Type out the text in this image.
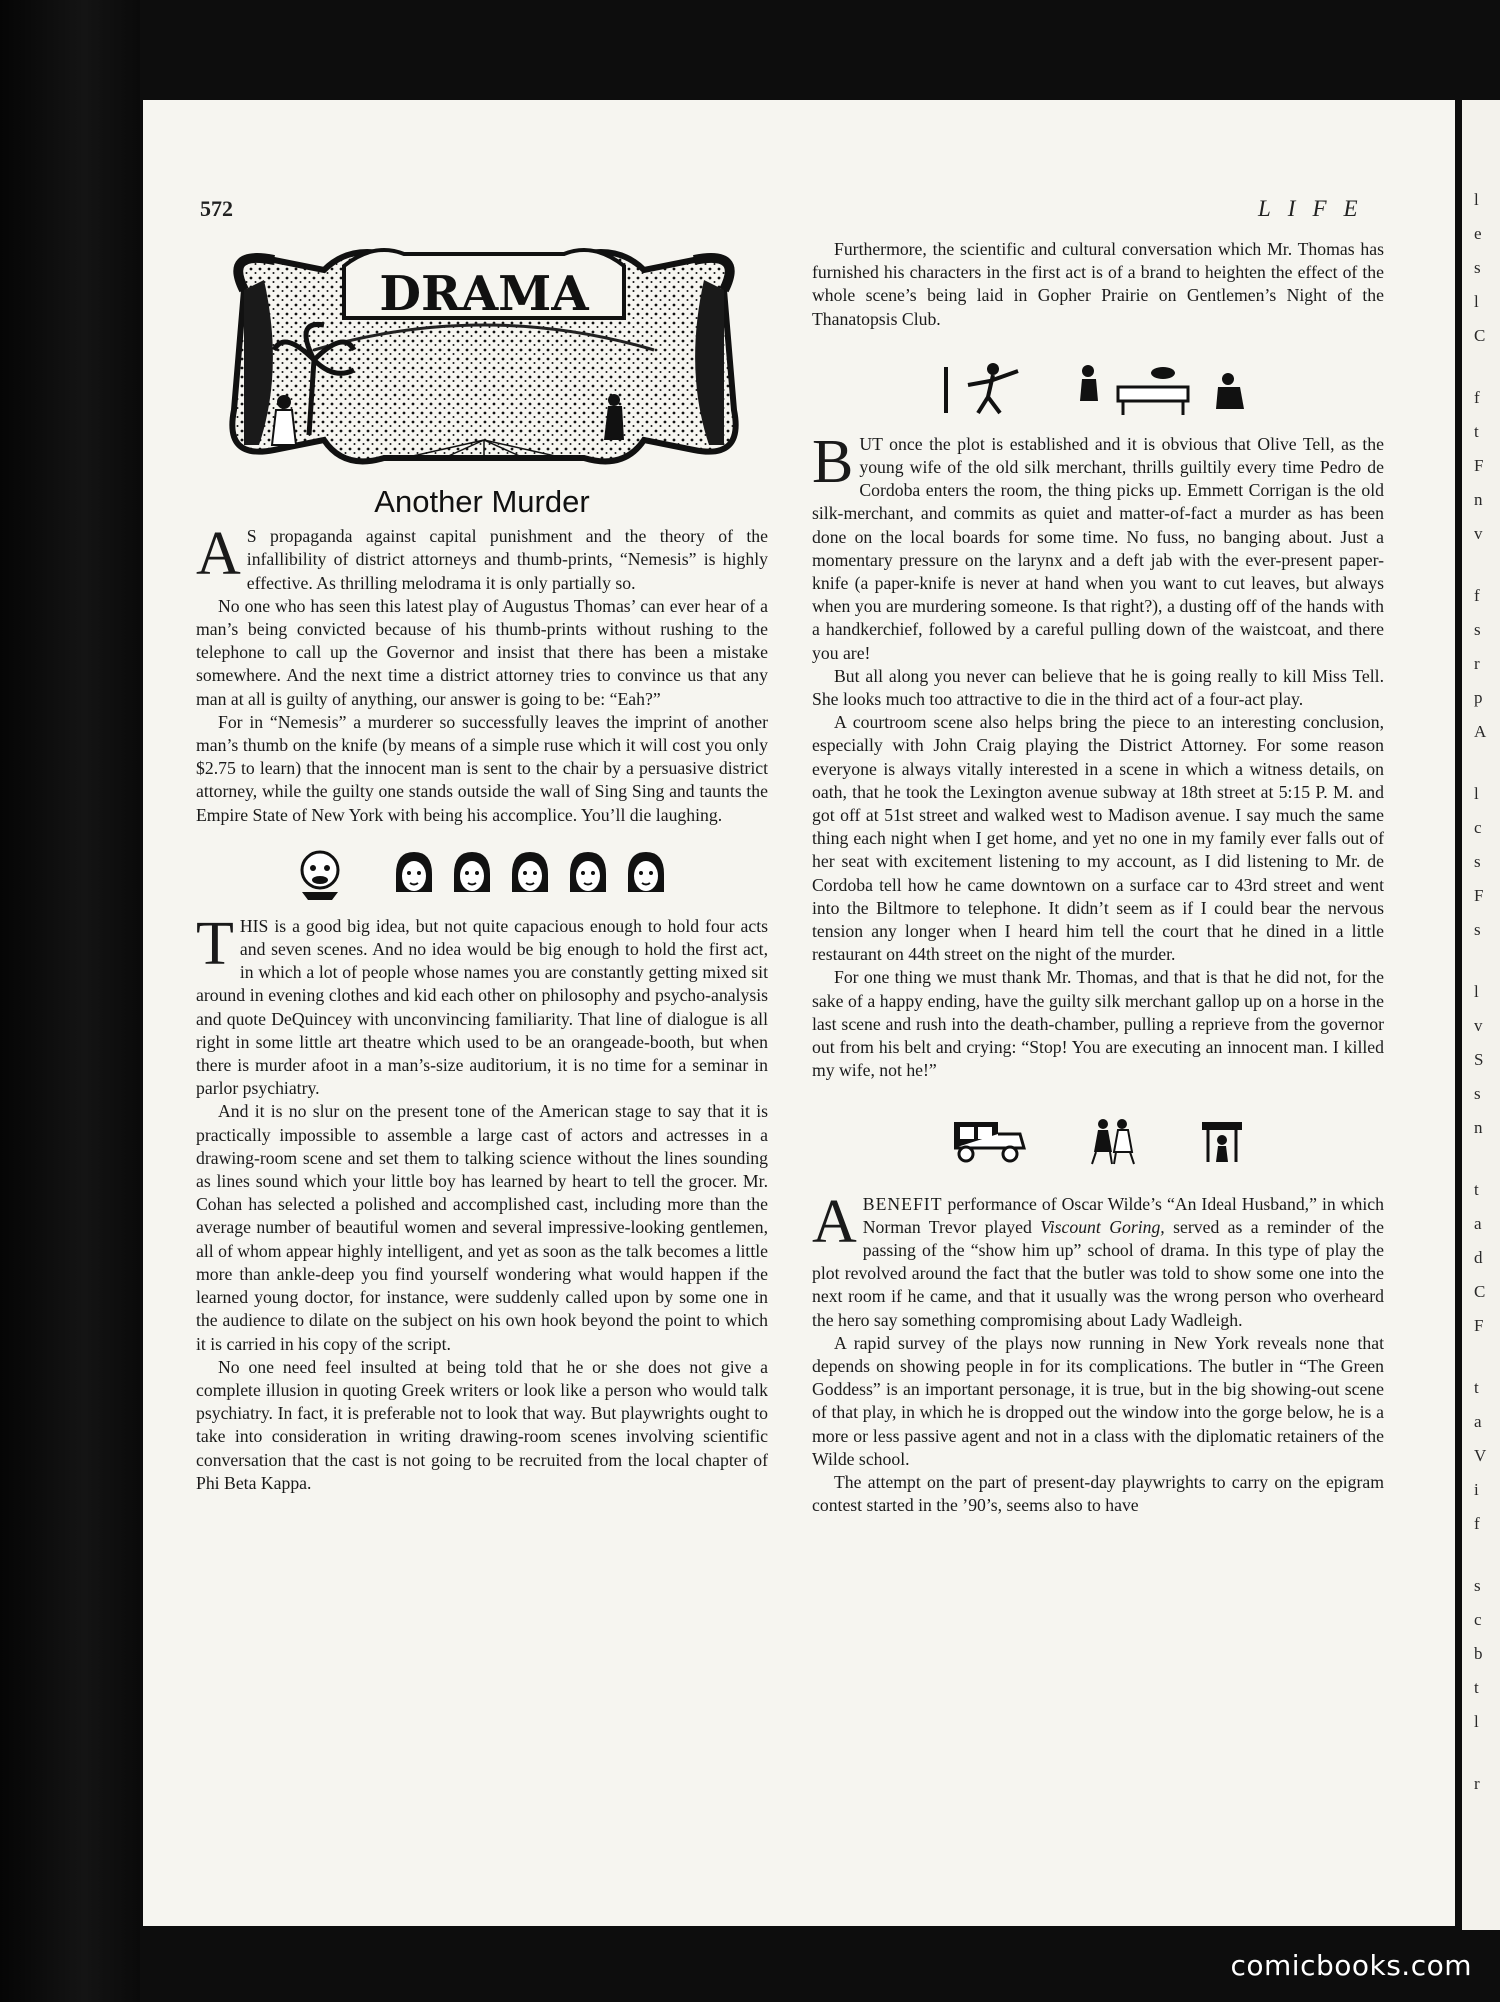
l
e
s
l
C
f
t
F
n
v
f
s
r
p
A
l
c
s
F
s
l
v
S
s
n
t
a
d
C
F
t
a
V
i
f
s
c
b
t
l
r
572	LIFE
DRAMA
Another Murder

A S propaganda against capital punishment and the theory of the infallibility of district attorneys and thumb-prints, “Nemesis” is highly effective. As thrilling melodrama it is only partially so.

No one who has seen this latest play of Augustus Thomas’ can ever hear of a man’s being convicted because of his thumb-prints without rushing to the telephone to call up the Governor and insist that there has been a mistake somewhere. And the next time a district attorney tries to convince us that any man at all is guilty of anything, our answer is going to be: “Eah?”

For in “Nemesis” a murderer so successfully leaves the imprint of another man’s thumb on the knife (by means of a simple ruse which it will cost you only $2.75 to learn) that the innocent man is sent to the chair by a persuasive district attorney, while the guilty one stands outside the wall of Sing Sing and taunts the Empire State of New York with being his accomplice. You’ll die laughing.

THIS is a good big idea, but not quite capacious enough to hold four acts and seven scenes. And no idea would be big enough to hold the first act, in which a lot of people whose names you are constantly getting mixed sit around in evening clothes and kid each other on philosophy and psycho-analysis and quote DeQuincey with unconvincing familiarity. That line of dialogue is all right in some little art theatre which used to be an orangeade-booth, but when there is murder afoot in a man’s-size auditorium, it is no time for a seminar in parlor psychiatry.

And it is no slur on the present tone of the American stage to say that it is practically impossible to assemble a large cast of actors and actresses in a drawing-room scene and set them to talking science without the lines sounding as lines sound which your little boy has learned by heart to tell the grocer. Mr. Cohan has selected a polished and accomplished cast, including more than the average number of beautiful women and several impressive-looking gentlemen, all of whom appear highly intelligent, and yet as soon as the talk becomes a little more than ankle-deep you find yourself wondering what would happen if the learned young doctor, for instance, were suddenly called upon by some one in the audience to dilate on the subject on his own hook beyond the point to which it is carried in his copy of the script.

No one need feel insulted at being told that he or she does not give a complete illusion in quoting Greek writers or look like a person who would talk psychiatry. In fact, it is preferable not to look that way. But playwrights ought to take into consideration in writing drawing-room scenes involving scientific conversation that the cast is not going to be recruited from the local chapter of Phi Beta Kappa.

Furthermore, the scientific and cultural conversation which Mr. Thomas has furnished his characters in the first act is of a brand to heighten the effect of the whole scene’s being laid in Gopher Prairie on Gentlemen’s Night of the Thanatopsis Club.

BUT once the plot is established and it is obvious that Olive Tell, as the young wife of the old silk merchant, thrills guiltily every time Pedro de Cordoba enters the room, the thing picks up. Emmett Corrigan is the old silk-merchant, and commits as quiet and matter-of-fact a murder as has been done on the local boards for some time. No fuss, no banging about. Just a momentary pressure on the larynx and a deft jab with the ever-present paper-knife (a paper-knife is never at hand when you want to cut leaves, but always when you are murdering someone. Is that right?), a dusting off of the hands with a handkerchief, followed by a careful pulling down of the waistcoat, and there you are!

But all along you never can believe that he is going really to kill Miss Tell. She looks much too attractive to die in the third act of a four-act play.

A courtroom scene also helps bring the piece to an interesting conclusion, especially with John Craig playing the District Attorney. For some reason everyone is always vitally interested in a scene in which a witness details, on oath, that he took the Lexington avenue subway at 18th street at 5:15 P. M. and got off at 51st street and walked west to Madison avenue. I say much the same thing each night when I get home, and yet no one in my family ever falls out of her seat with excitement listening to my account, as I did listening to Mr. de Cordoba tell how he came downtown on a surface car to 43rd street and went into the Biltmore to telephone. It didn’t seem as if I could bear the nervous tension any longer when I heard him tell the court that he dined in a little restaurant on 44th street on the night of the murder.

For one thing we must thank Mr. Thomas, and that is that he did not, for the sake of a happy ending, have the guilty silk merchant gallop up on a horse in the last scene and rush into the death-chamber, pulling a reprieve from the governor out from his belt and crying: “Stop! You are executing an innocent man. I killed my wife, not he!”

ABENEFIT performance of Oscar Wilde’s “An Ideal Husband,” in which Norman Trevor played Viscount Goring, served as a reminder of the passing of the “show him up” school of drama. In this type of play the plot revolved around the fact that the butler was told to show some one into the next room if he came, and that it usually was the wrong person who overheard the hero say something compromising about Lady Wadleigh.

A rapid survey of the plays now running in New York reveals none that depends on showing people in for its complications. The butler in “The Green Goddess” is an important personage, it is true, but in the big showing-out scene of that play, in which he is dropped out the window into the gorge below, he is a more or less passive agent and not in a class with the diplomatic retainers of the Wilde school.

The attempt on the part of present-day playwrights to carry on the epigram contest started in the ’90’s, seems also to have

comicbooks.com
